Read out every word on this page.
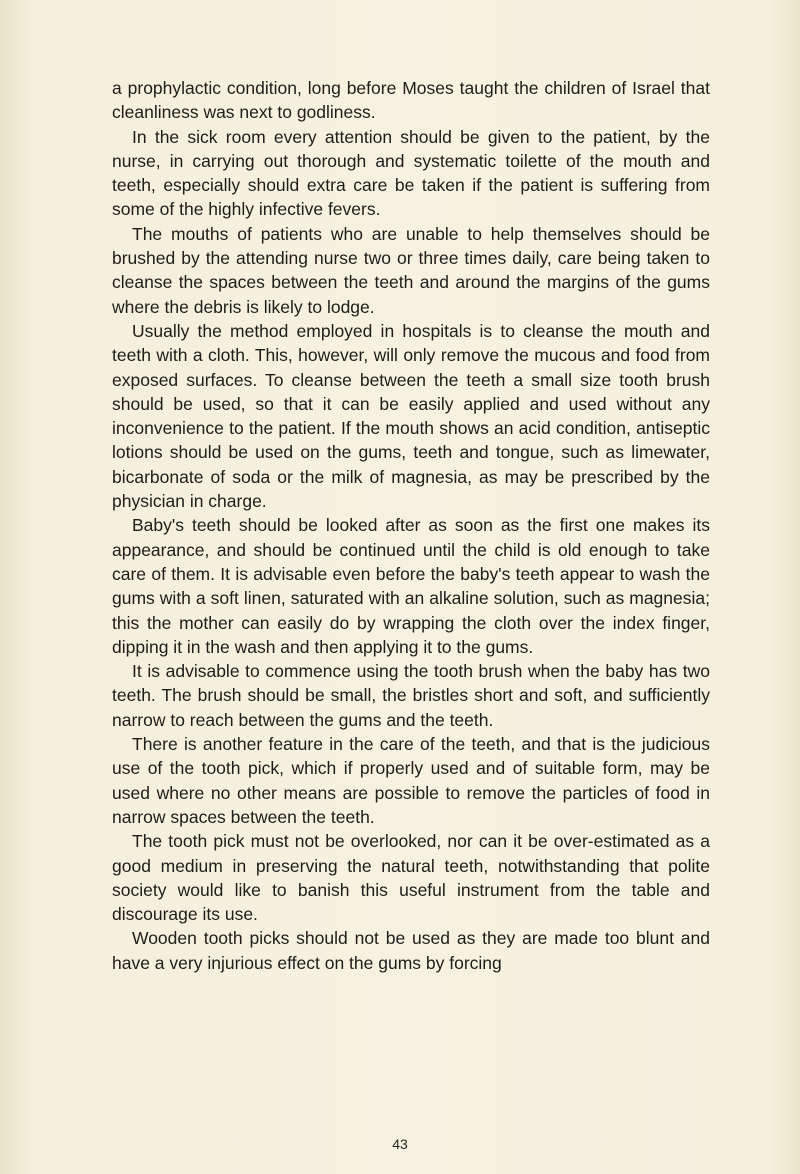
a prophylactic condition, long before Moses taught the children of Israel that cleanliness was next to godliness.

In the sick room every attention should be given to the patient, by the nurse, in carrying out thorough and systematic toilette of the mouth and teeth, especially should extra care be taken if the patient is suffering from some of the highly infective fevers.

The mouths of patients who are unable to help themselves should be brushed by the attending nurse two or three times daily, care being taken to cleanse the spaces between the teeth and around the margins of the gums where the debris is likely to lodge.

Usually the method employed in hospitals is to cleanse the mouth and teeth with a cloth. This, however, will only remove the mucous and food from exposed surfaces. To cleanse between the teeth a small size tooth brush should be used, so that it can be easily applied and used without any inconvenience to the patient. If the mouth shows an acid condition, antiseptic lotions should be used on the gums, teeth and tongue, such as limewater, bicarbonate of soda or the milk of magnesia, as may be prescribed by the physician in charge.

Baby's teeth should be looked after as soon as the first one makes its appearance, and should be continued until the child is old enough to take care of them. It is advisable even before the baby's teeth appear to wash the gums with a soft linen, saturated with an alkaline solution, such as magnesia; this the mother can easily do by wrapping the cloth over the index finger, dipping it in the wash and then applying it to the gums.

It is advisable to commence using the tooth brush when the baby has two teeth. The brush should be small, the bristles short and soft, and sufficiently narrow to reach between the gums and the teeth.

There is another feature in the care of the teeth, and that is the judicious use of the tooth pick, which if properly used and of suitable form, may be used where no other means are possible to remove the particles of food in narrow spaces between the teeth.

The tooth pick must not be overlooked, nor can it be over-estimated as a good medium in preserving the natural teeth, notwithstanding that polite society would like to banish this useful instrument from the table and discourage its use.

Wooden tooth picks should not be used as they are made too blunt and have a very injurious effect on the gums by forcing

43
